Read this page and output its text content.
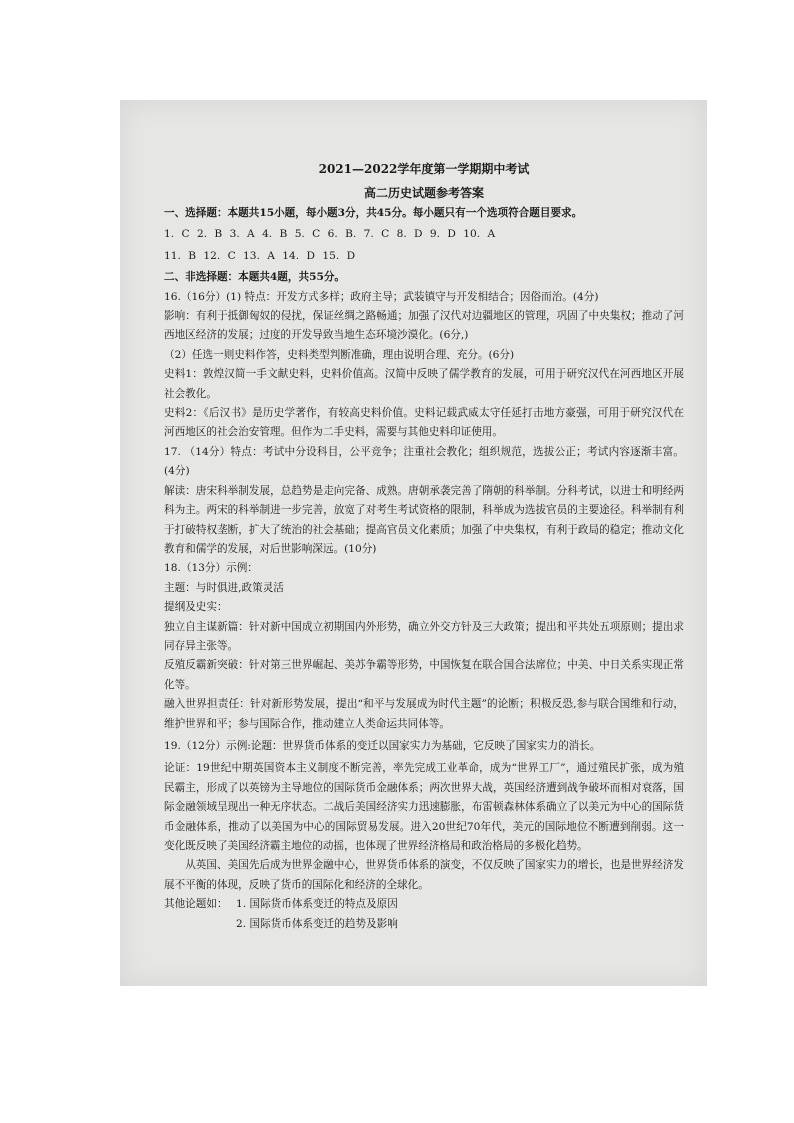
2021—2022学年度第一学期期中考试
高二历史试题参考答案

一、选择题：本题共15小题，每小题3分，共45分。每小题只有一个选项符合题目要求。

1. C 2. B 3. A 4. B 5. C 6. B. 7. C 8. D 9. D 10. A

11. B 12. C 13. A 14. D 15. D

二、非选择题：本题共4题，共55分。

16.（16分）(1) 特点：开发方式多样；政府主导；武装镇守与开发相结合；因俗而治。(4分)

影响：有利于抵御匈奴的侵扰，保证丝绸之路畅通；加强了汉代对边疆地区的管理，巩固了中央集权；推动了河西地区经济的发展；过度的开发导致当地生态环境沙漠化。(6分,)

（2）任选一则史料作答，史料类型判断准确，理由说明合理、充分。(6分)

史料1：敦煌汉简一手文献史料，史料价值高。汉简中反映了儒学教育的发展，可用于研究汉代在河西地区开展社会教化。

史料2：《后汉书》是历史学著作，有较高史料价值。史料记载武威太守任延打击地方豪强，可用于研究汉代在河西地区的社会治安管理。但作为二手史料，需要与其他史料印证使用。

17. （14分）特点：考试中分设科目，公平竞争；注重社会教化；组织规范，选拔公正；考试内容逐渐丰富。(4分)

解读：唐宋科举制发展，总趋势是走向完备、成熟。唐朝承袭完善了隋朝的科举制。分科考试，以进士和明经两科为主。两宋的科举制进一步完善，放宽了对考生考试资格的限制，科举成为选拔官员的主要途径。科举制有利于打破特权垄断，扩大了统治的社会基础；提高官员文化素质；加强了中央集权，有利于政局的稳定；推动文化教育和儒学的发展，对后世影响深远。(10分)

18.（13分）示例：

主题：与时俱进,政策灵活

提纲及史实：

独立自主谋新篇：针对新中国成立初期国内外形势，确立外交方针及三大政策；提出和平共处五项原则；提出求同存异主张等。

反殖反霸新突破：针对第三世界崛起、美苏争霸等形势，中国恢复在联合国合法席位；中美、中日关系实现正常化等。

融入世界担责任：针对新形势发展，提出“和平与发展成为时代主题”的论断；积极反恐,参与联合国维和行动，维护世界和平；参与国际合作，推动建立人类命运共同体等。

19.（12分）示例:论题：世界货币体系的变迁以国家实力为基础，它反映了国家实力的消长。

论证：19世纪中期英国资本主义制度不断完善，率先完成工业革命，成为“世界工厂”，通过殖民扩张，成为殖民霸主，形成了以英镑为主导地位的国际货币金融体系；两次世界大战，英国经济遭到战争破坏而相对衰落，国际金融领域呈现出一种无序状态。二战后美国经济实力迅速膨胀，布雷顿森林体系确立了以美元为中心的国际货币金融体系，推动了以美国为中心的国际贸易发展。进入20世纪70年代，美元的国际地位不断遭到削弱。这一变化既反映了美国经济霸主地位的动摇，也体现了世界经济格局和政治格局的多极化趋势。

从英国、美国先后成为世界金融中心，世界货币体系的演变，不仅反映了国家实力的增长，也是世界经济发展不平衡的体现，反映了货币的国际化和经济的全球化。

其他论题如： 1. 国际货币体系变迁的特点及原因
2. 国际货币体系变迁的趋势及影响
